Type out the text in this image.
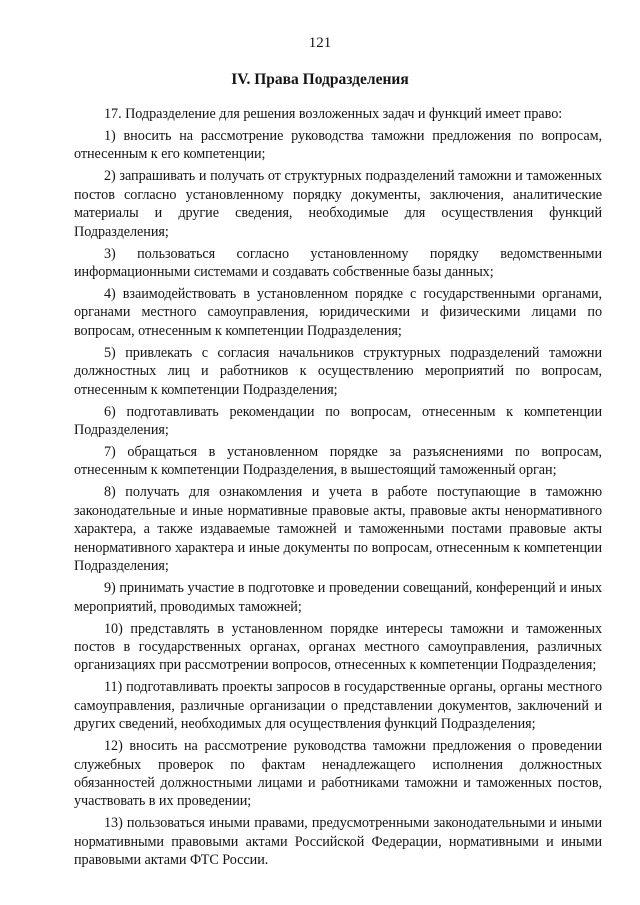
121
IV. Права Подразделения

17. Подразделение для решения возложенных задач и функций имеет право:

1) вносить на рассмотрение руководства таможни предложения по вопросам, отнесенным к его компетенции;

2) запрашивать и получать от структурных подразделений таможни и таможенных постов согласно установленному порядку документы, заключения, аналитические материалы и другие сведения, необходимые для осуществления функций Подразделения;

3) пользоваться согласно установленному порядку ведомственными информационными системами и создавать собственные базы данных;

4) взаимодействовать в установленном порядке с государственными органами, органами местного самоуправления, юридическими и физическими лицами по вопросам, отнесенным к компетенции Подразделения;

5) привлекать с согласия начальников структурных подразделений таможни должностных лиц и работников к осуществлению мероприятий по вопросам, отнесенным к компетенции Подразделения;

6) подготавливать рекомендации по вопросам, отнесенным к компетенции Подразделения;

7) обращаться в установленном порядке за разъяснениями по вопросам, отнесенным к компетенции Подразделения, в вышестоящий таможенный орган;

8) получать для ознакомления и учета в работе поступающие в таможню законодательные и иные нормативные правовые акты, правовые акты ненормативного характера, а также издаваемые таможней и таможенными постами правовые акты ненормативного характера и иные документы по вопросам, отнесенным к компетенции Подразделения;

9) принимать участие в подготовке и проведении совещаний, конференций и иных мероприятий, проводимых таможней;

10) представлять в установленном порядке интересы таможни и таможенных постов в государственных органах, органах местного самоуправления, различных организациях при рассмотрении вопросов, отнесенных к компетенции Подразделения;

11) подготавливать проекты запросов в государственные органы, органы местного самоуправления, различные организации о представлении документов, заключений и других сведений, необходимых для осуществления функций Подразделения;

12) вносить на рассмотрение руководства таможни предложения о проведении служебных проверок по фактам ненадлежащего исполнения должностных обязанностей должностными лицами и работниками таможни и таможенных постов, участвовать в их проведении;

13) пользоваться иными правами, предусмотренными законодательными и иными нормативными правовыми актами Российской Федерации, нормативными и иными правовыми актами ФТС России.
